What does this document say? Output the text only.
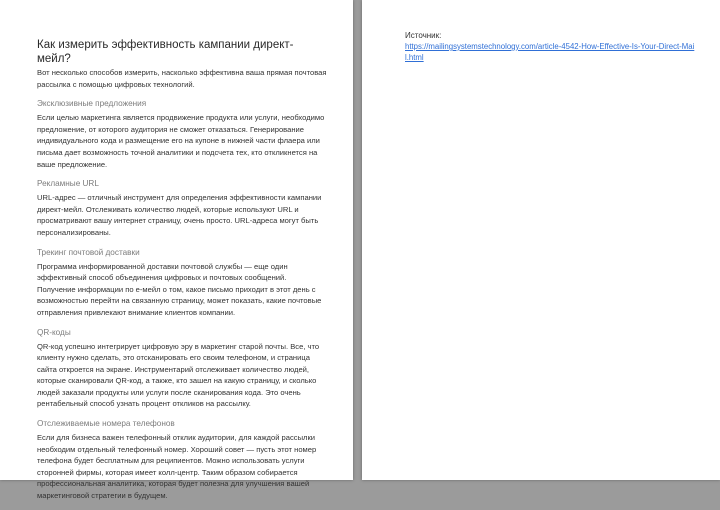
Как измерить эффективность кампании директ-мейл?

Вот несколько способов измерить, насколько эффективна ваша прямая почтовая рассылка с помощью цифровых технологий.

Эксклюзивные предложения

Если целью маркетинга является продвижение продукта или услуги, необходимо предложение, от которого аудитория не сможет отказаться. Генерирование индивидуального кода и размещение его на купоне в нижней части флаера или письма дает возможность точной аналитики и подсчета тех, кто откликнется на ваше предложение.

Рекламные URL

URL-адрес — отличный инструмент для определения эффективности кампании директ-мейл. Отслеживать количество людей, которые используют URL и просматривают вашу интернет страницу, очень просто. URL-адреса могут быть персонализированы.

Трекинг почтовой доставки

Программа информированной доставки почтовой службы — еще один эффективный способ объединения цифровых и почтовых сообщений. Получение информации по e-мейл о том, какое письмо приходит в этот день с возможностью перейти на связанную страницу, может показать, какие почтовые отправления привлекают внимание клиентов компании.

QR-коды

QR-код успешно интегрирует цифровую эру в маркетинг старой почты. Все, что клиенту нужно сделать, это отсканировать его своим телефоном, и страница сайта откроется на экране. Инструментарий отслеживает количество людей, которые сканировали QR-код, а также, кто зашел на какую страницу, и сколько людей заказали продукты или услуги после сканирования кода. Это очень рентабельный способ узнать процент откликов на рассылку.

Отслеживаемые номера телефонов

Если для бизнеса важен телефонный отклик аудитории, для каждой рассылки необходим отдельный телефонный номер. Хороший совет — пусть этот номер телефона будет бесплатным для реципиентов. Можно использовать услуги сторонней фирмы, которая имеет колл-центр. Таким образом собирается профессиональная аналитика, которая будет полезна для улучшения вашей маркетинговой стратегии в будущем.

Источник:
https://mailingsystemstechnology.com/article-4542-How-Effective-Is-Your-Direct-Mail.html
